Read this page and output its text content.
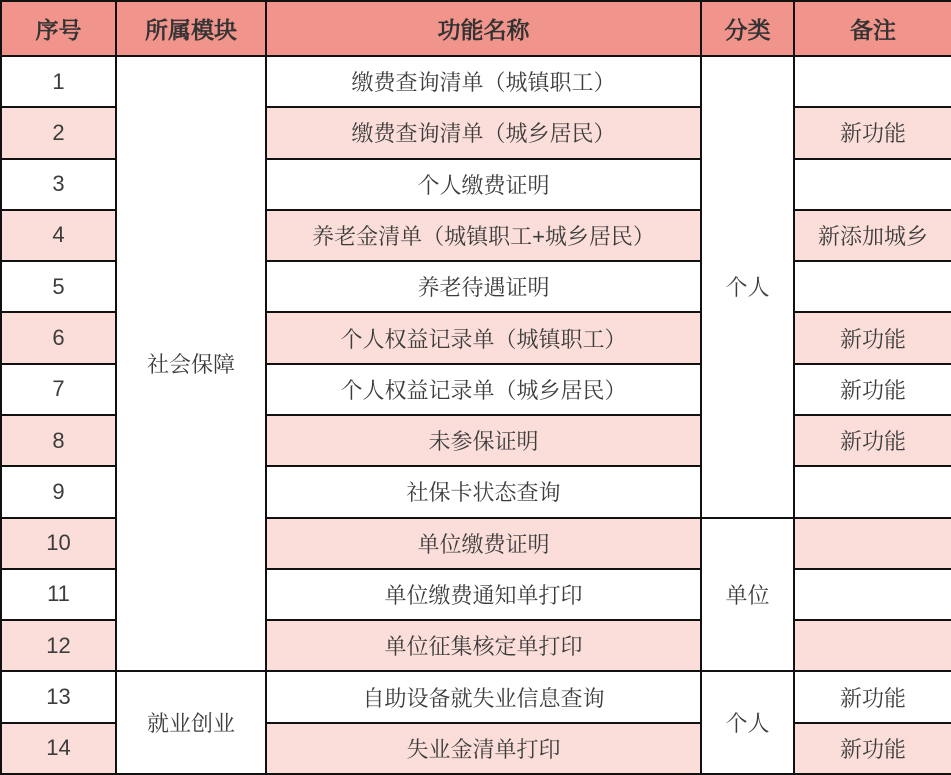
序号	所属模块	功能名称	分类	备注
1	社会保障	缴费查询清单（城镇职工）	个人	
2		缴费查询清单（城乡居民）		新功能
3		个人缴费证明		
4		养老金清单（城镇职工+城乡居民）		新添加城乡
5		养老待遇证明		
6		个人权益记录单（城镇职工）		新功能
7		个人权益记录单（城乡居民）		新功能
8		未参保证明		新功能
9		社保卡状态查询		
10		单位缴费证明	单位	
11		单位缴费通知单打印		
12		单位征集核定单打印		
13	就业创业	自助设备就失业信息查询	个人	新功能
14		失业金清单打印		新功能
